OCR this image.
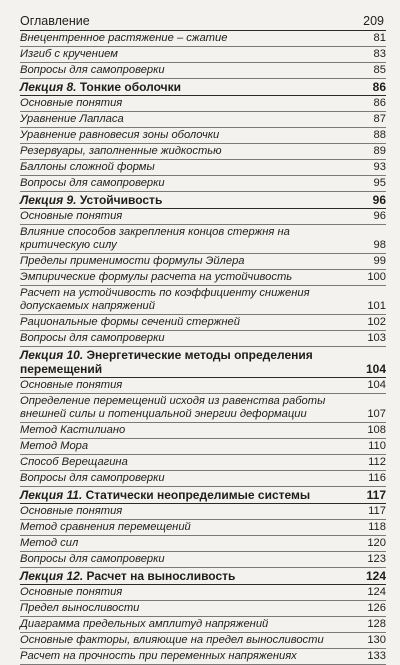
Оглавление	209
Внецентренное растяжение – сжатие	81
Изгиб с кручением	83
Вопросы для самопроверки	85
Лекция 8. Тонкие оболочки	86
Основные понятия	86
Уравнение Лапласа	87
Уравнение равновесия зоны оболочки	88
Резервуары, заполненные жидкостью	89
Баллоны сложной формы	93
Вопросы для самопроверки	95
Лекция 9. Устойчивость	96
Основные понятия	96
Влияние способов закрепления концов стержня на критическую силу	98
Пределы применимости формулы Эйлера	99
Эмпирические формулы расчета на устойчивость	100
Расчет на устойчивость по коэффициенту снижения допускаемых напряжений	101
Рациональные формы сечений стержней	102
Вопросы для самопроверки	103
Лекция 10. Энергетические методы определения перемещений	104
Основные понятия	104
Определение перемещений исходя из равенства работы внешней силы и потенциальной энергии деформации	107
Метод Кастилиано	108
Метод Мора	110
Способ Верещагина	112
Вопросы для самопроверки	116
Лекция 11. Статически неопределимые системы	117
Основные понятия	117
Метод сравнения перемещений	118
Метод сил	120
Вопросы для самопроверки	123
Лекция 12. Расчет на выносливость	124
Основные понятия	124
Предел выносливости	126
Диаграмма предельных амплитуд напряжений	128
Основные факторы, влияющие на предел выносливости	130
Расчет на прочность при переменных напряжениях	133
